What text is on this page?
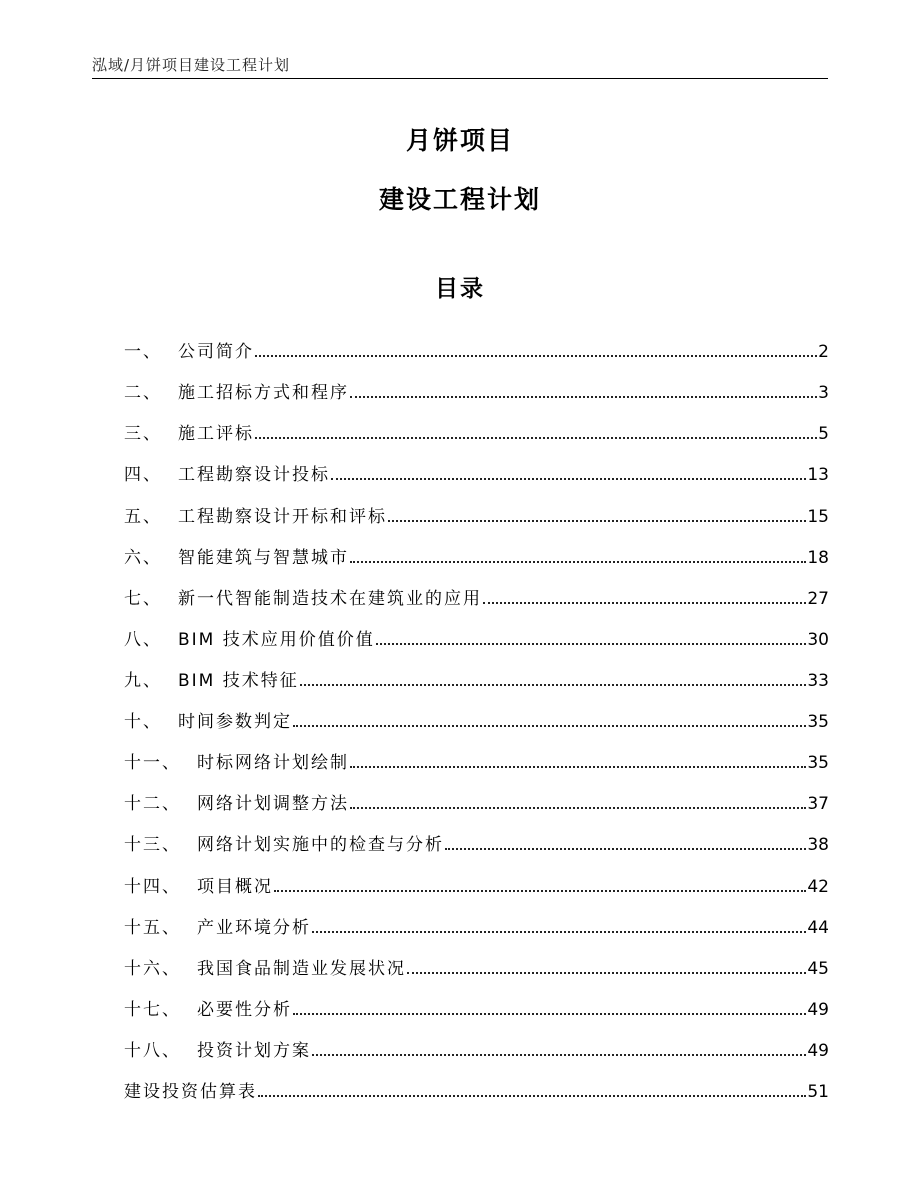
泓域/月饼项目建设工程计划
月饼项目
建设工程计划
目录
一、 公司简介	2
二、 施工招标方式和程序	3
三、 施工评标	5
四、 工程勘察设计投标	13
五、 工程勘察设计开标和评标	15
六、 智能建筑与智慧城市	18
七、 新一代智能制造技术在建筑业的应用	27
八、 BIM 技术应用价值价值	30
九、 BIM 技术特征	33
十、 时间参数判定	35
十一、 时标网络计划绘制	35
十二、 网络计划调整方法	37
十三、 网络计划实施中的检查与分析	38
十四、 项目概况	42
十五、 产业环境分析	44
十六、 我国食品制造业发展状况	45
十七、 必要性分析	49
十八、 投资计划方案	49
建设投资估算表	51
